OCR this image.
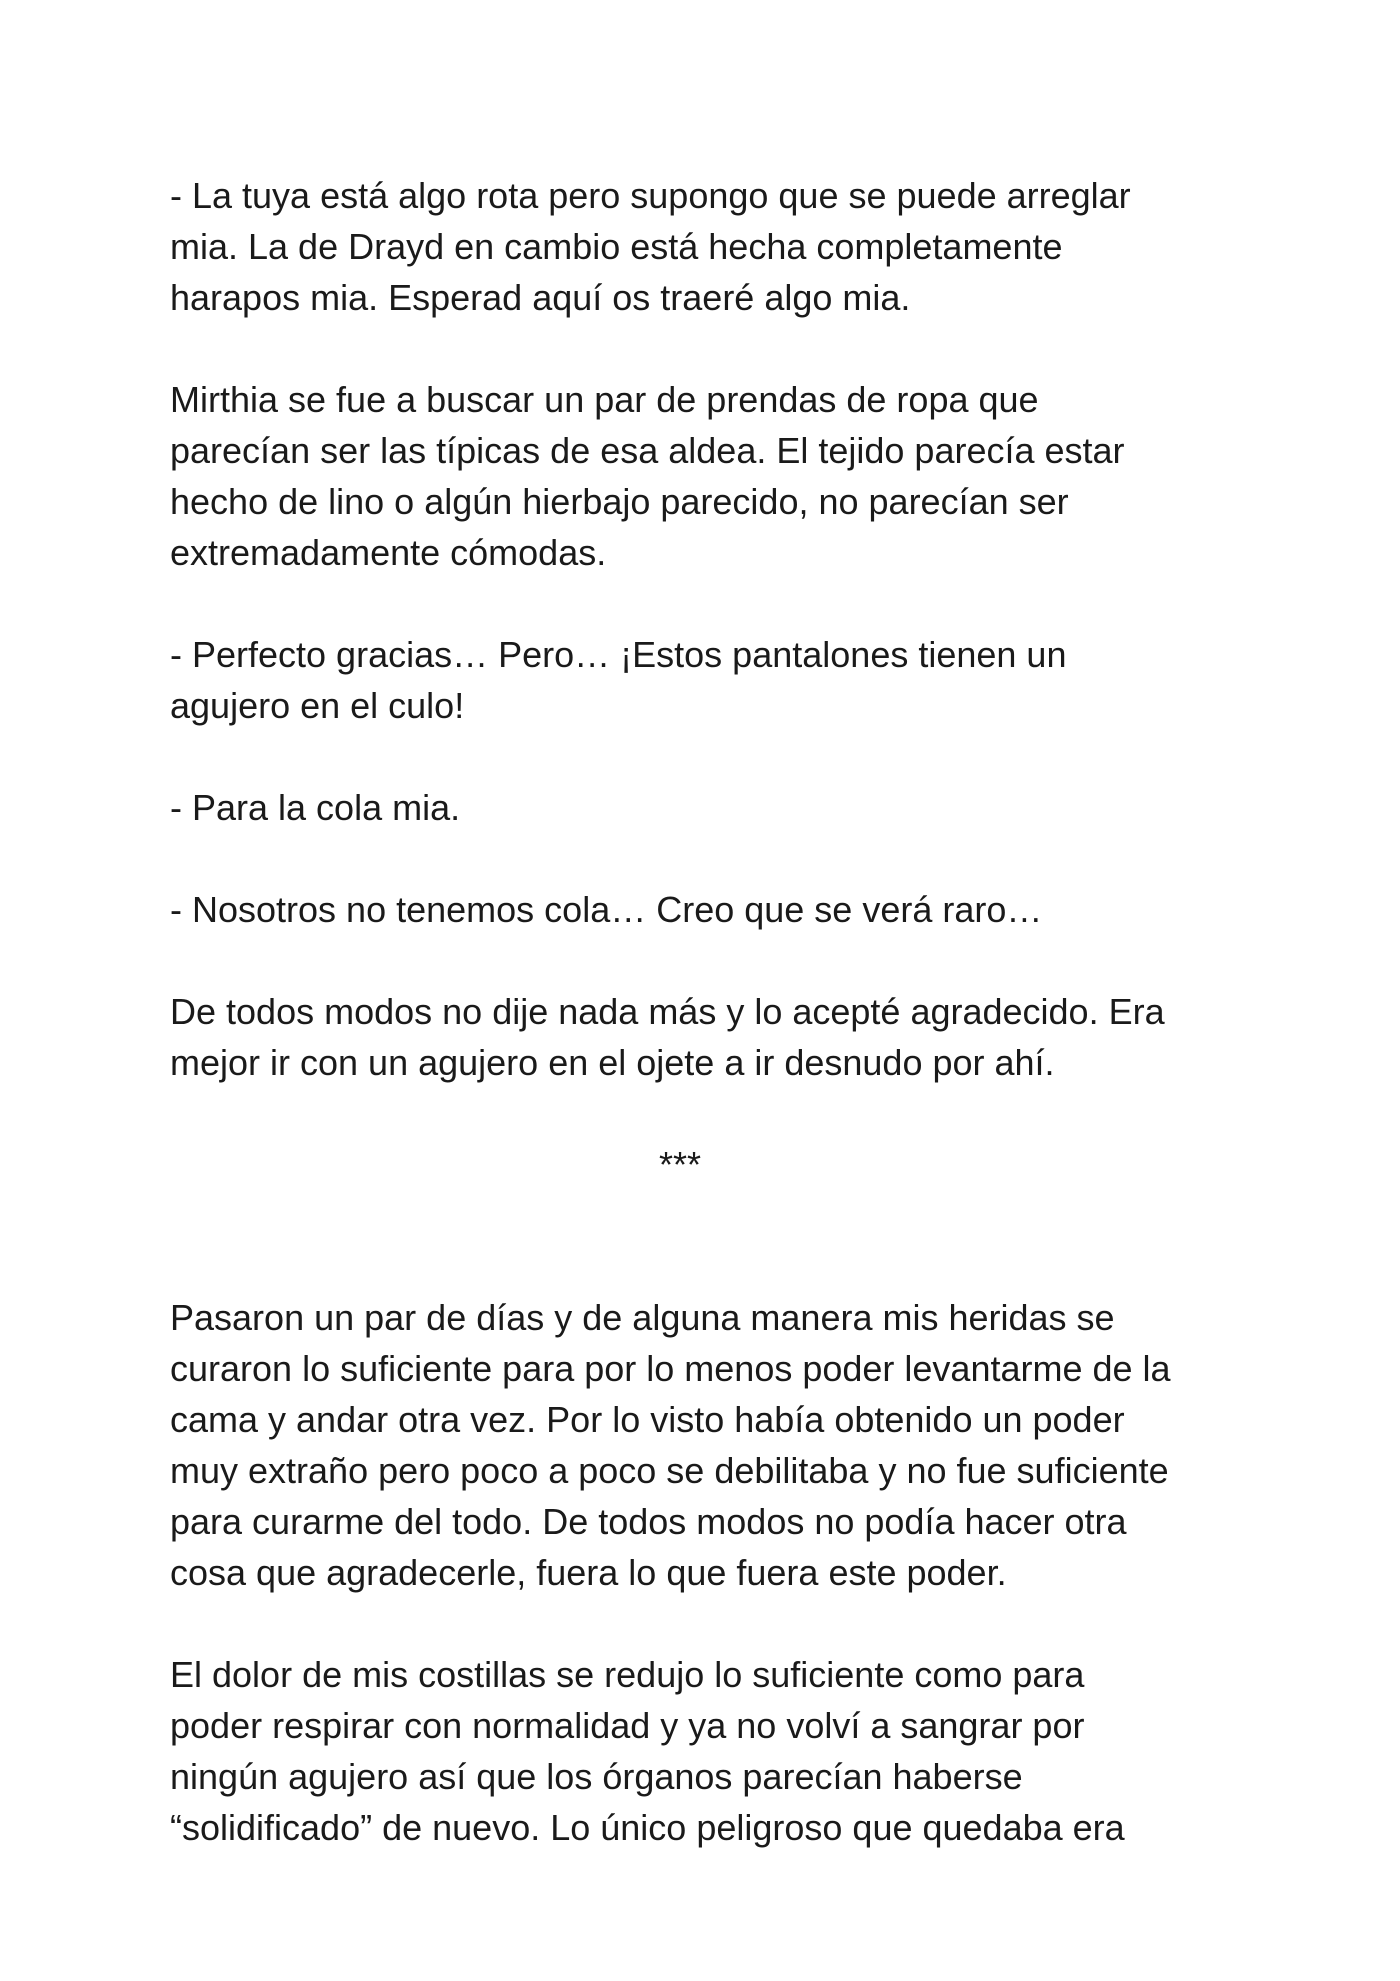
- La tuya está algo rota pero supongo que se puede arreglar
mia. La de Drayd en cambio está hecha completamente
harapos mia. Esperad aquí os traeré algo mia.

Mirthia se fue a buscar un par de prendas de ropa que
parecían ser las típicas de esa aldea. El tejido parecía estar
hecho de lino o algún hierbajo parecido, no parecían ser
extremadamente cómodas.

- Perfecto gracias… Pero… ¡Estos pantalones tienen un
agujero en el culo!

- Para la cola mia.

- Nosotros no tenemos cola… Creo que se verá raro…

De todos modos no dije nada más y lo acepté agradecido. Era
mejor ir con un agujero en el ojete a ir desnudo por ahí.

***

Pasaron un par de días y de alguna manera mis heridas se
curaron lo suficiente para por lo menos poder levantarme de la
cama y andar otra vez. Por lo visto había obtenido un poder
muy extraño pero poco a poco se debilitaba y no fue suficiente
para curarme del todo. De todos modos no podía hacer otra
cosa que agradecerle, fuera lo que fuera este poder.

El dolor de mis costillas se redujo lo suficiente como para
poder respirar con normalidad y ya no volví a sangrar por
ningún agujero así que los órganos parecían haberse
“solidificado” de nuevo. Lo único peligroso que quedaba era
